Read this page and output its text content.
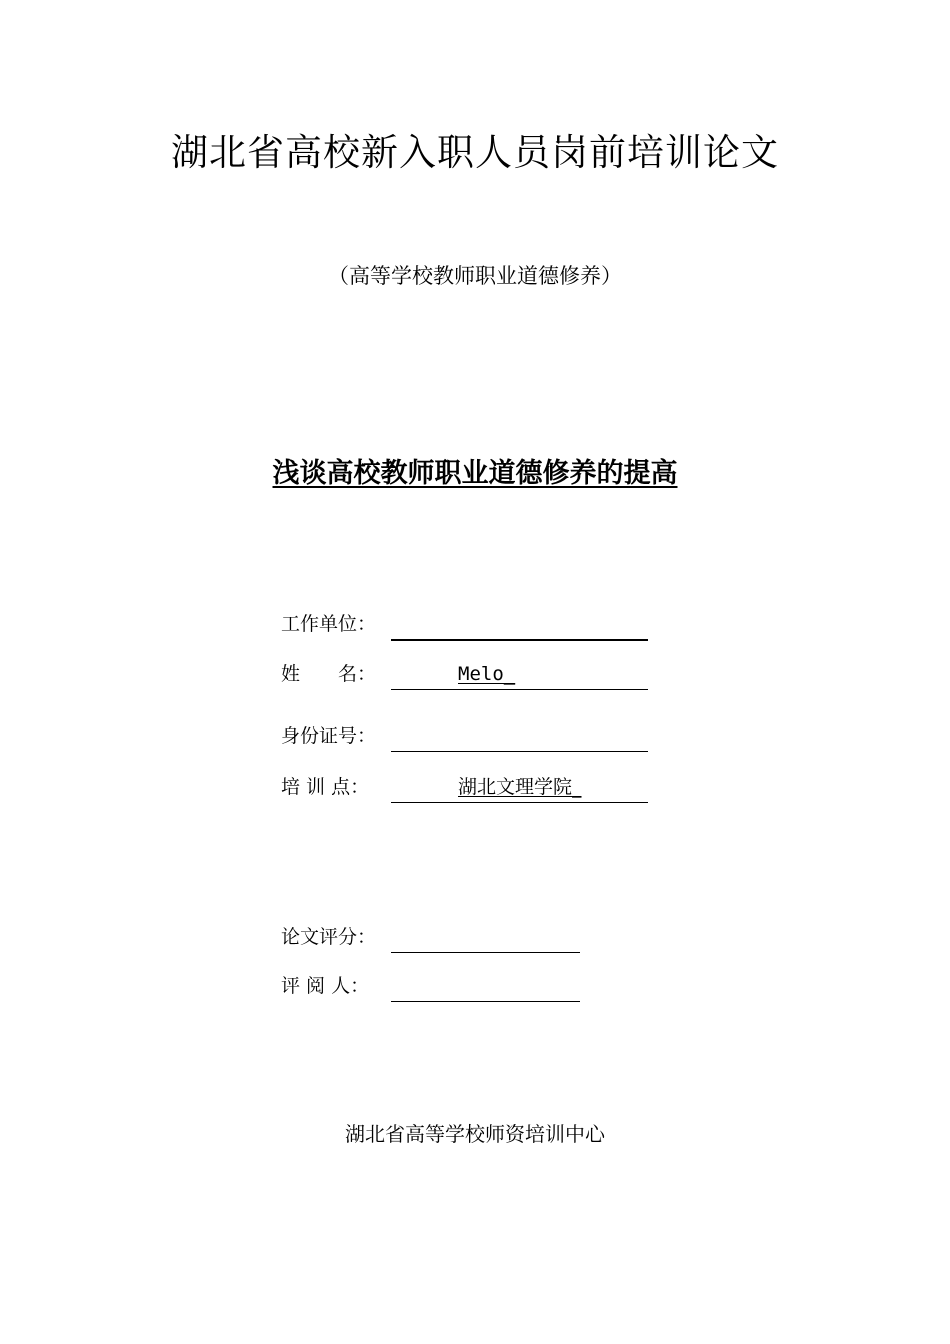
湖北省高校新入职人员岗前培训论文
（高等学校教师职业道德修养）
浅谈高校教师职业道德修养的提高
工作单位：
姓　　名：	Melo_
身份证号：
培 训 点：	湖北文理学院_
论文评分：
评 阅 人：
湖北省高等学校师资培训中心
